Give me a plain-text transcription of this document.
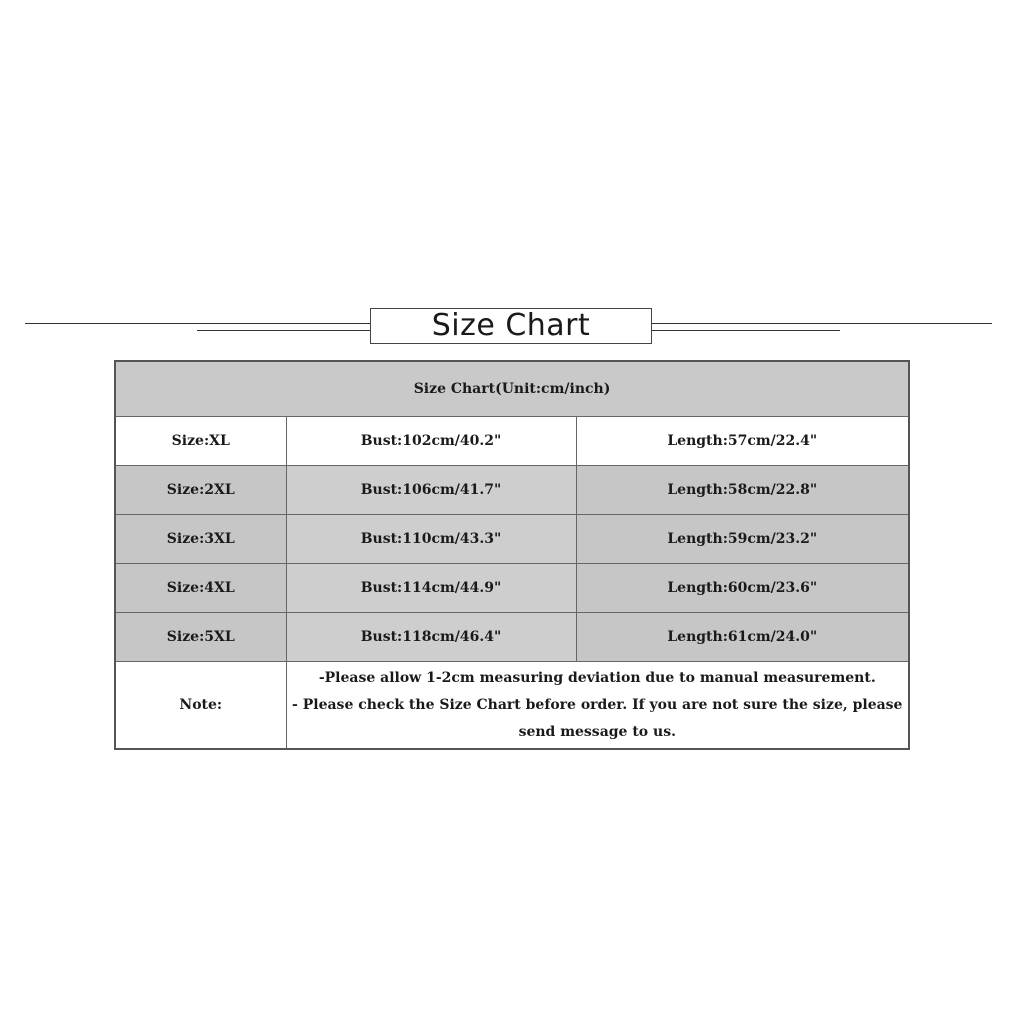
Size Chart
Size Chart(Unit:cm/inch)		
Size:XL	Bust:102cm/40.2"	Length:57cm/22.4"
Size:2XL	Bust:106cm/41.7"	Length:58cm/22.8"
Size:3XL	Bust:110cm/43.3"	Length:59cm/23.2"
Size:4XL	Bust:114cm/44.9"	Length:60cm/23.6"
Size:5XL	Bust:118cm/46.4"	Length:61cm/24.0"
Note:	-Please allow 1-2cm measuring deviation due to manual measurement.
- Please check the Size Chart before order. If you are not sure the size, please send message to us.	
